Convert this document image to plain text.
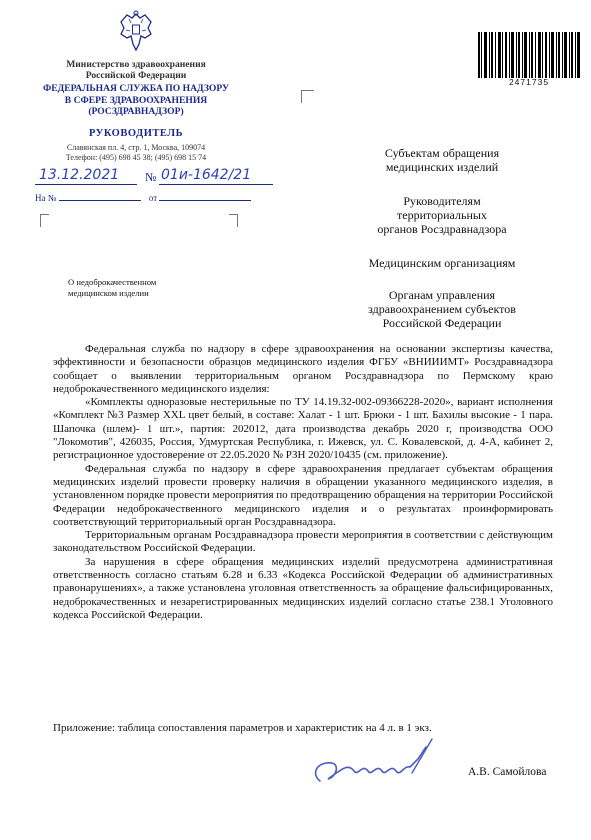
Министерство здравоохранения
Российской Федерации
ФЕДЕРАЛЬНАЯ СЛУЖБА ПО НАДЗОРУ
В СФЕРЕ ЗДРАВООХРАНЕНИЯ
(РОСЗДРАВНАДЗОР)
РУКОВОДИТЕЛЬ
Славянская пл. 4, стр. 1, Москва, 109074
Телефон: (495) 698 45 38; (495) 698 15 74
13.12.2021 № 01и-1642/21
На №	от
2471735
Субъектам обращения
медицинских изделий
Руководителям
территориальных
органов Росздравнадзора
Медицинским организациям
Органам управления
здравоохранением субъектов
Российской Федерации
О недоброкачественном
медицинском изделии

Федеральная служба по надзору в сфере здравоохранения на основании экспертизы качества, эффективности и безопасности образцов медицинского изделия ФГБУ «ВНИИИМТ» Росздравнадзора сообщает о выявлении территориальным органом Росздравнадзора по Пермскому краю недоброкачественного медицинского изделия:

«Комплекты одноразовые нестерильные по ТУ 14.19.32-002-09366228-2020», вариант исполнения «Комплект №3 Размер XXL цвет белый, в составе: Халат - 1 шт. Брюки - 1 шт. Бахилы высокие - 1 пара. Шапочка (шлем)- 1 шт.», партия: 202012, дата производства декабрь 2020 г, производства ООО "Локомотив", 426035, Россия, Удмуртская Республика, г. Ижевск, ул. С. Ковалевской, д. 4-А, кабинет 2, регистрационное удостоверение от 22.05.2020 № РЗН 2020/10435 (см. приложение).

Федеральная служба по надзору в сфере здравоохранения предлагает субъектам обращения медицинских изделий провести проверку наличия в обращении указанного медицинского изделия, в установленном порядке провести мероприятия по предотвращению обращения на территории Российской Федерации недоброкачественного медицинского изделия и о результатах проинформировать соответствующий территориальный орган Росздравнадзора.

Территориальным органам Росздравнадзора провести мероприятия в соответствии с действующим законодательством Российской Федерации.

За нарушения в сфере обращения медицинских изделий предусмотрена административная ответственность согласно статьям 6.28 и 6.33 «Кодекса Российской Федерации об административных правонарушениях», а также установлена уголовная ответственность за обращение фальсифицированных, недоброкачественных и незарегистрированных медицинских изделий согласно статье 238.1 Уголовного кодекса Российской Федерации.

Приложение: таблица сопоставления параметров и характеристик на 4 л. в 1 экз.
А.В. Самойлова
